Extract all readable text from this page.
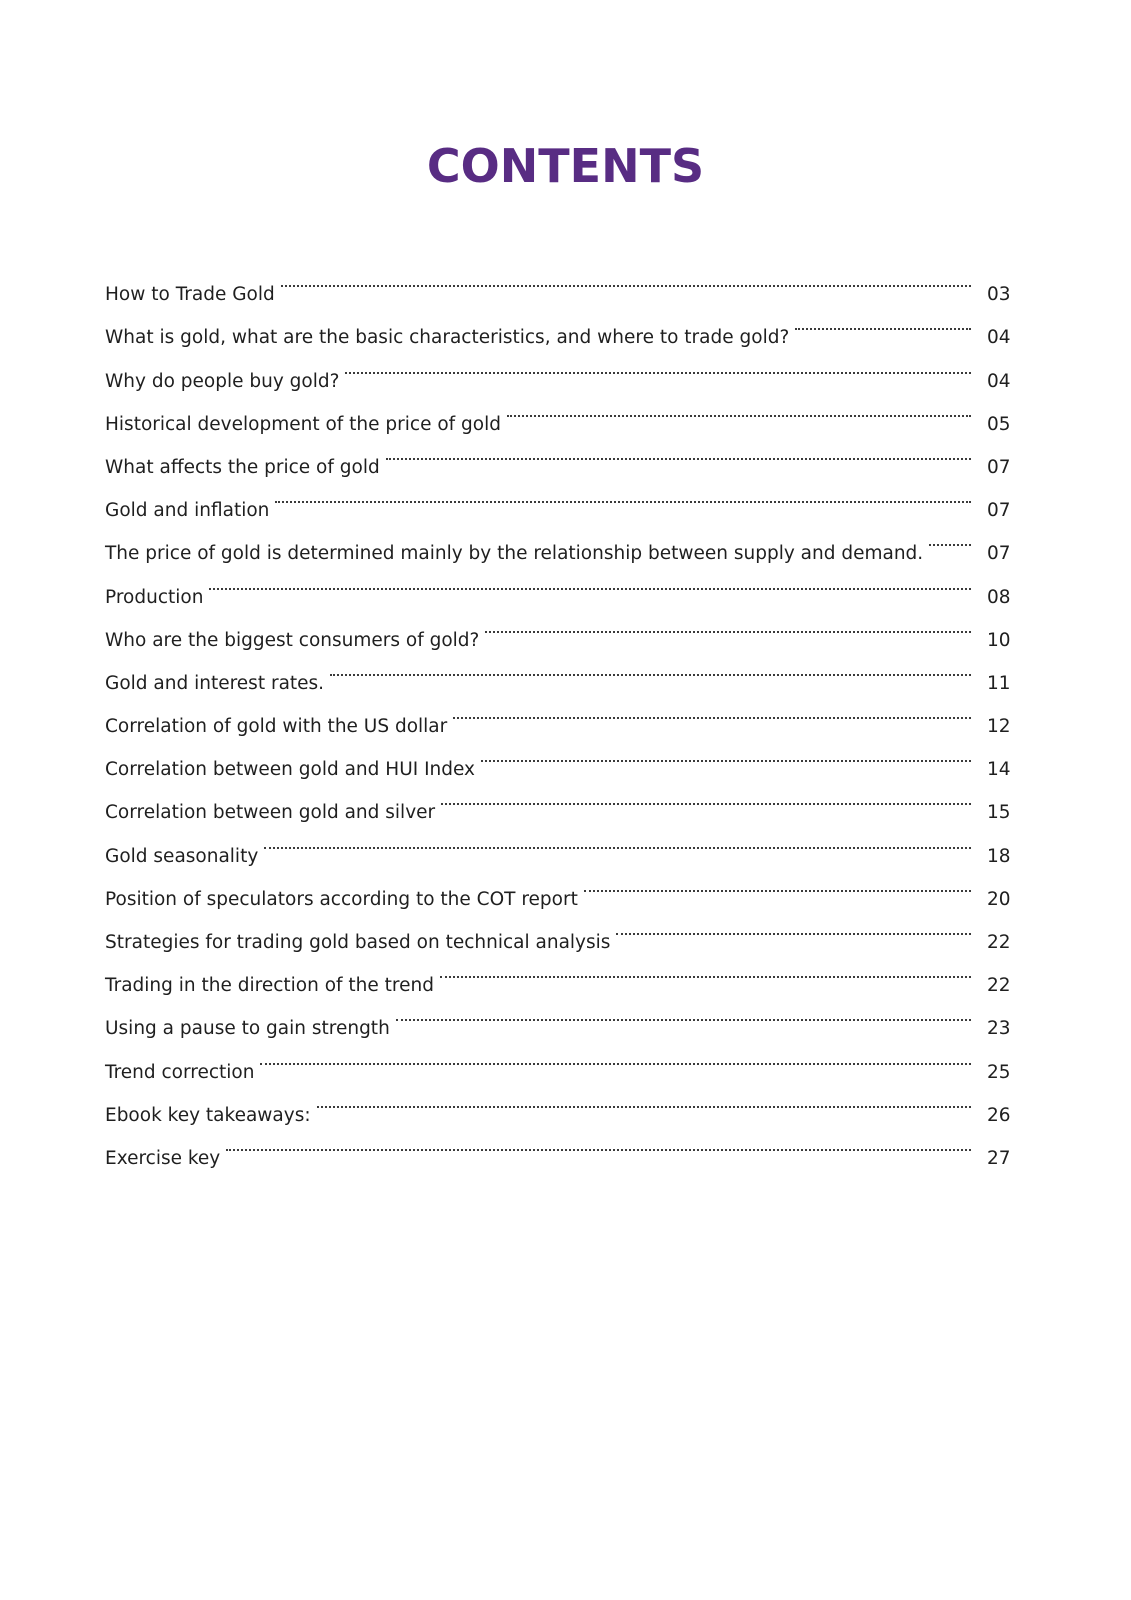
CONTENTS
How to Trade Gold	03
What is gold, what are the basic characteristics, and where to trade gold?	04
Why do people buy gold?	04
Historical development of the price of gold	05
What affects the price of gold	07
Gold and inflation	07
The price of gold is determined mainly by the relationship between supply and demand.	07
Production	08
Who are the biggest consumers of gold?	10
Gold and interest rates.	11
Correlation of gold with the US dollar	12
Correlation between gold and HUI Index	14
Correlation between gold and silver	15
Gold seasonality	18
Position of speculators according to the COT report	20
Strategies for trading gold based on technical analysis	22
Trading in the direction of the trend	22
Using a pause to gain strength	23
Trend correction	25
Ebook key takeaways:	26
Exercise key	27
